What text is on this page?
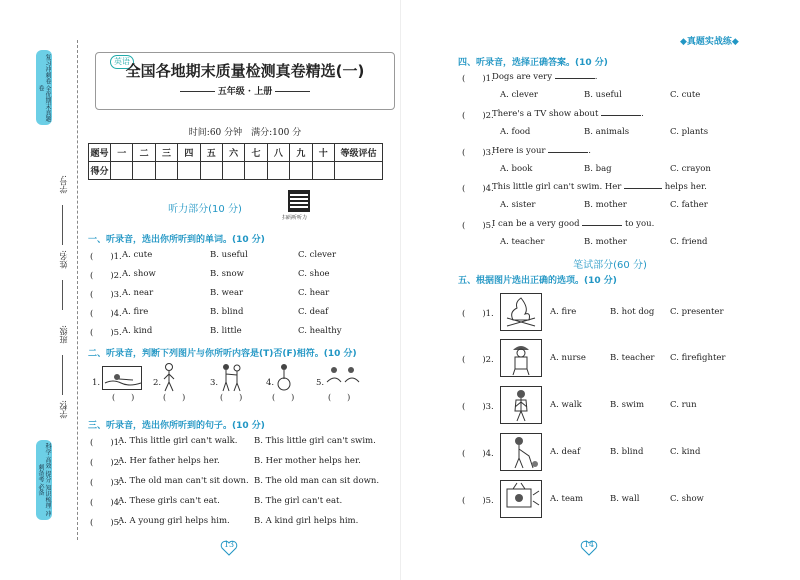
复习冲刺卷 全优期末真题卷
科学 高效 提分 知识梳理 冲刺备考 必备
学号:
姓名:
班级:
学校:
英语
全国各地期末质量检测真卷精选(一)
五年级 · 上册
时间:60 分钟　满分:100 分
题号	一	二	三	四	五	六	七	八	九	十	等级评估
得分											
听力部分(10 分)
扫码听听力
一、听录音，选出你所听到的单词。(10 分)
(　　)1. A. cute	B. useful	C. clever
(　　)2. A. show	B. snow	C. shoe
(　　)3. A. near	B. wear	C. hear
(　　)4. A. fire	B. blind	C. deaf
(　　)5. A. kind	B. little	C. healthy
二、听录音，判断下列图片与你所听内容是(T)否(F)相符。(10 分)
1.
(　　)
2.
(　　)
3.
(　　)
4.
(　　)
5.
(　　)
三、听录音，选出你所听到的句子。(10 分)
(　　)1.
A. This little girl can't walk. B. This little girl can't swim.
(　　)2.
A. Her father helps her.	B. Her mother helps her.
(　　)3.
A. The old man can't sit down. B. The old man can sit down.
(　　)4.
A. These girls can't eat.	B. The girl can't eat.
(　　)5.
A. A young girl helps him.	B. A kind girl helps him.
13
◆真题实战练◆
四、听录音，选择正确答案。(10 分)
(　　)1.
Dogs are very	.
A. clever	B. useful	C. cute
(　　)2.
There's a TV show about	.
A. food	B. animals	C. plants
(　　)3.
Here is your	.
A. book	B. bag	C. crayon
(　　)4.
This little girl can't swim. Her	helps her.
A. sister	B. mother	C. father
(　　)5.
I can be a very good	to you.
A. teacher	B. mother	C. friend
笔试部分(60 分)
五、根据图片选出正确的选项。(10 分)
(　　)1.	A. fire	B. hot dog C. presenter
(　　)2.	A. nurse	B. teacher C. firefighter
(　　)3.	A. walk	B. swim	C. run
(　　)4.	A. deaf	B. blind	C. kind
(　　)5.	A. team	B. wall	C. show
14
